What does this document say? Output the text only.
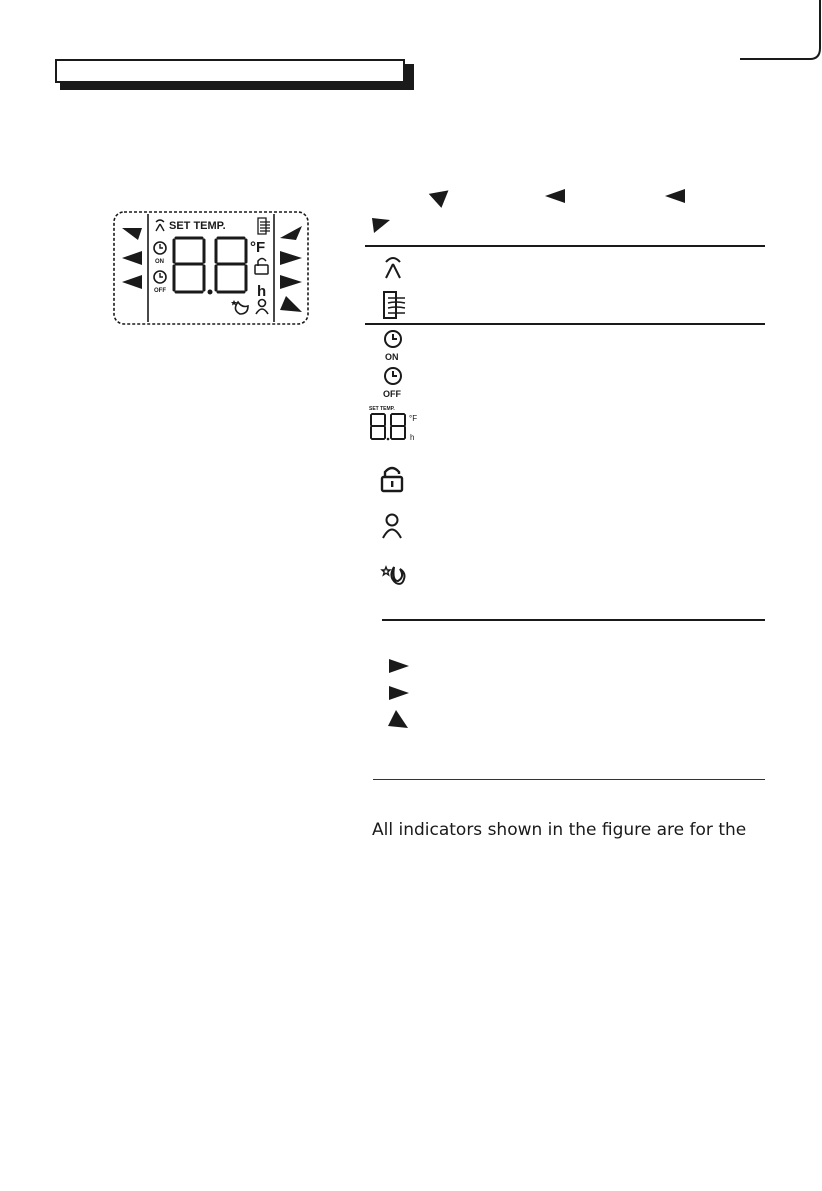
SET TEMP.
ON
OFF
°F
h
ON
OFF
SET TEMP.
°F
h
All indicators shown in the figure are for the
